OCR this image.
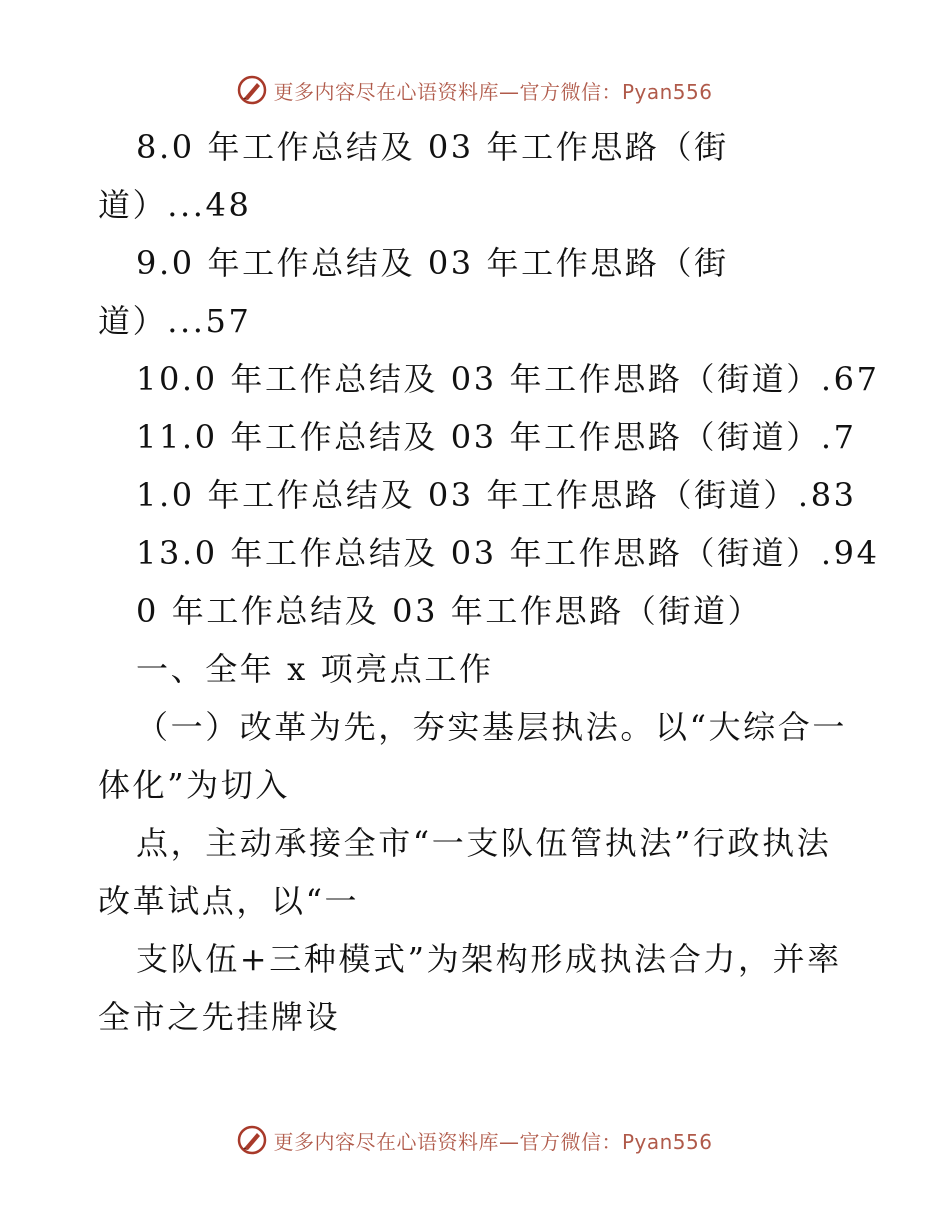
更多内容尽在心语资料库—官方微信：Pyan556
8.0 年工作总结及 03 年工作思路（街
道）...48
9.0 年工作总结及 03 年工作思路（街
道）...57
10.0 年工作总结及 03 年工作思路（街道）.67
11.0 年工作总结及 03 年工作思路（街道）.7
1.0 年工作总结及 03 年工作思路（街道）.83
13.0 年工作总结及 03 年工作思路（街道）.94
0 年工作总结及 03 年工作思路（街道）
一、全年 x 项亮点工作
（一）改革为先，夯实基层执法。以“大综合一
体化”为切入
点，主动承接全市“一支队伍管执法”行政执法
改革试点，以“一
支队伍+三种模式”为架构形成执法合力，并率
全市之先挂牌设
更多内容尽在心语资料库—官方微信：Pyan556
